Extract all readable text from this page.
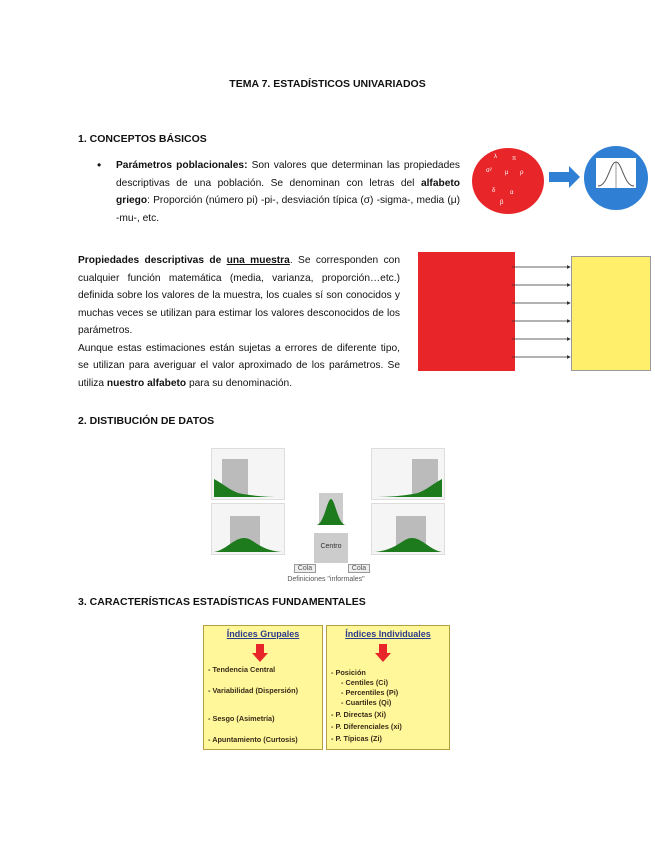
TEMA 7. ESTADÍSTICOS UNIVARIADOS
1. CONCEPTOS BÁSICOS
• Parámetros poblacionales: Son valores que determinan las propiedades descriptivas de una población. Se denominan con letras del alfabeto griego: Proporción (número pi) -pi-, desviación típica (σ) -sigma-, media (μ) -mu-, etc.
λ	π
σ² μ ρ
δ α
β
Propiedades descriptivas de una muestra. Se corresponden con cualquier función matemática (media, varianza, proporción…etc.) definida sobre los valores de la muestra, los cuales sí son conocidos y muchas veces se utilizan para estimar los valores desconocidos de los parámetros.
Aunque estas estimaciones están sujetas a errores de diferente tipo, se utilizan para averiguar el valor aproximado de los parámetros. Se utiliza nuestro alfabeto para su denominación.
2. DISTIBUCIÓN DE DATOS
Centro
Cola	Cola
Definiciones "informales"
3. CARACTERÍSTICAS ESTADÍSTICAS FUNDAMENTALES
Índices Grupales
- Tendencia Central
- Variabilidad (Dispersión)
- Sesgo (Asimetría)
- Apuntamiento (Curtosis)
Índices Individuales
- Posición
- Centiles (Ci)
- Percentiles (Pi)
- Cuartiles (Qi)
- P. Directas (Xi)
- P. Diferenciales (xi)
- P. Típicas (Zi)
